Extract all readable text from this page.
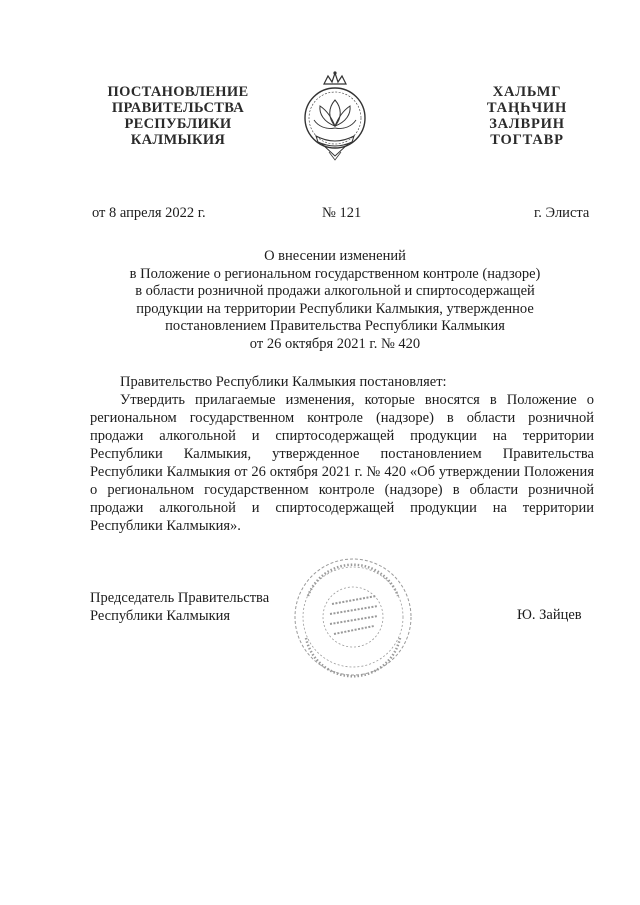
ПОСТАНОВЛЕНИЕ
ПРАВИТЕЛЬСТВА
РЕСПУБЛИКИ
КАЛМЫКИЯ
ХАЛЬМГ
ТАҢҺЧИН
ЗАЛВРИН
ТОГТАВР
от 8 апреля 2022 г.	№ 121	г. Элиста
О внесении изменений
в Положение о региональном государственном контроле (надзоре)
в области розничной продажи алкогольной и спиртосодержащей
продукции на территории Республики Калмыкия, утвержденное
постановлением Правительства Республики Калмыкия
от 26 октября 2021 г. № 420

Правительство Республики Калмыкия постановляет:

Утвердить прилагаемые изменения, которые вносятся в Положение о региональном государственном контроле (надзоре) в области розничной продажи алкогольной и спиртосодержащей продукции на территории Республики Калмыкия, утвержденное постановлением Правительства Республики Калмыкия от 26 октября 2021 г. № 420 «Об утверждении Положения о региональном государственном контроле (надзоре) в области розничной продажи алкогольной и спиртосодержащей продукции на территории Республики Калмыкия».

Председатель Правительства
Республики Калмыкия	Ю. Зайцев
